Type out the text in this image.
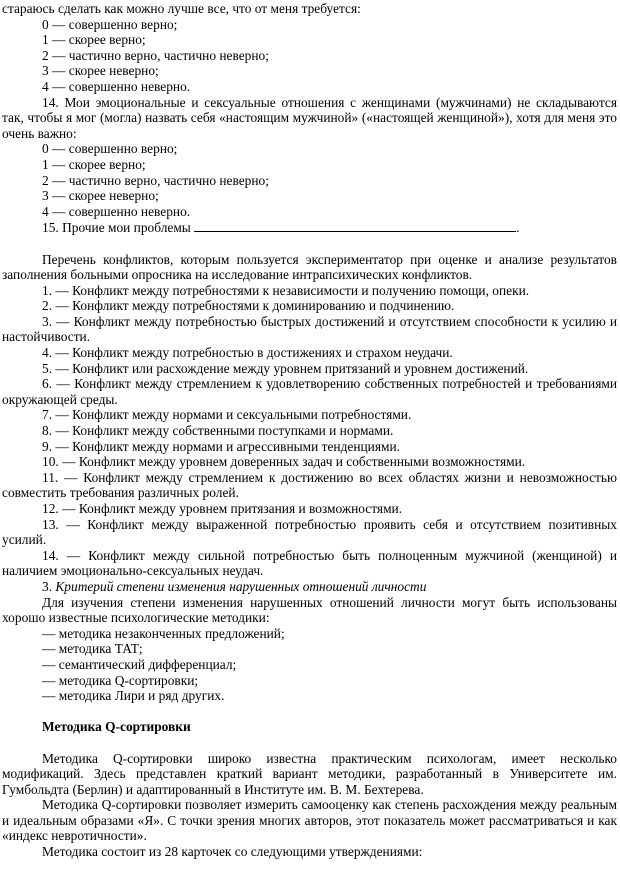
стараюсь сделать как можно лучше все, что от меня требуется:

0 — совершенно верно;

1 — скорее верно;

2 — частично верно, частично неверно;

3 — скорее неверно;

4 — совершенно неверно.

14. Мои эмоциональные и сексуальные отношения с женщинами (мужчинами) не складываются так, чтобы я мог (могла) назвать себя «настоящим мужчиной» («настоящей женщиной»), хотя для меня это очень важно:

0 — совершенно верно;

1 — скорее верно;

2 — частично верно, частично неверно;

3 — скорее неверно;

4 — совершенно неверно.

15. Прочие мои проблемы	.

Перечень конфликтов, которым пользуется экспериментатор при оценке и анализе результатов заполнения больными опросника на исследование интрапсихических конфликтов.

1. — Конфликт между потребностями к независимости и получению помощи, опеки.

2. — Конфликт между потребностями к доминированию и подчинению.

3. — Конфликт между потребностью быстрых достижений и отсутствием способности к усилию и настойчивости.

4. — Конфликт между потребностью в достижениях и страхом неудачи.

5. — Конфликт или расхождение между уровнем притязаний и уровнем достижений.

6. — Конфликт между стремлением к удовлетворению собственных потребностей и требованиями окружающей среды.

7. — Конфликт между нормами и сексуальными потребностями.

8. — Конфликт между собственными поступками и нормами.

9. — Конфликт между нормами и агрессивными тенденциями.

10. — Конфликт между уровнем доверенных задач и собственными возможностями.

11. — Конфликт между стремлением к достижению во всех областях жизни и невозможностью совместить требования различных ролей.

12. — Конфликт между уровнем притязания и возможностями.

13. — Конфликт между выраженной потребностью проявить себя и отсутствием позитивных усилий.

14. — Конфликт между сильной потребностью быть полноценным мужчиной (женщиной) и наличием эмоционально-сексуальных неудач.

3. Критерий степени изменения нарушенных отношений личности

Для изучения степени изменения нарушенных отношений личности могут быть использованы хорошо известные психологические методики:

— методика незаконченных предложений;

— методика ТАТ;

— семантический дифференциал;

— методика Q-сортировки;

— методика Лири и ряд других.

Методика Q-сортировки

Методика Q-сортировки широко известна практическим психологам, имеет несколько модификаций. Здесь представлен краткий вариант методики, разработанный в Университете им. Гумбольдта (Берлин) и адаптированный в Институте им. В. М. Бехтерева.

Методика Q-сортировки позволяет измерить самооценку как степень расхождения между реальным и идеальным образами «Я». С точки зрения многих авторов, этот показатель может рассматриваться и как «индекс невротичности».

Методика состоит из 28 карточек со следующими утверждениями:
